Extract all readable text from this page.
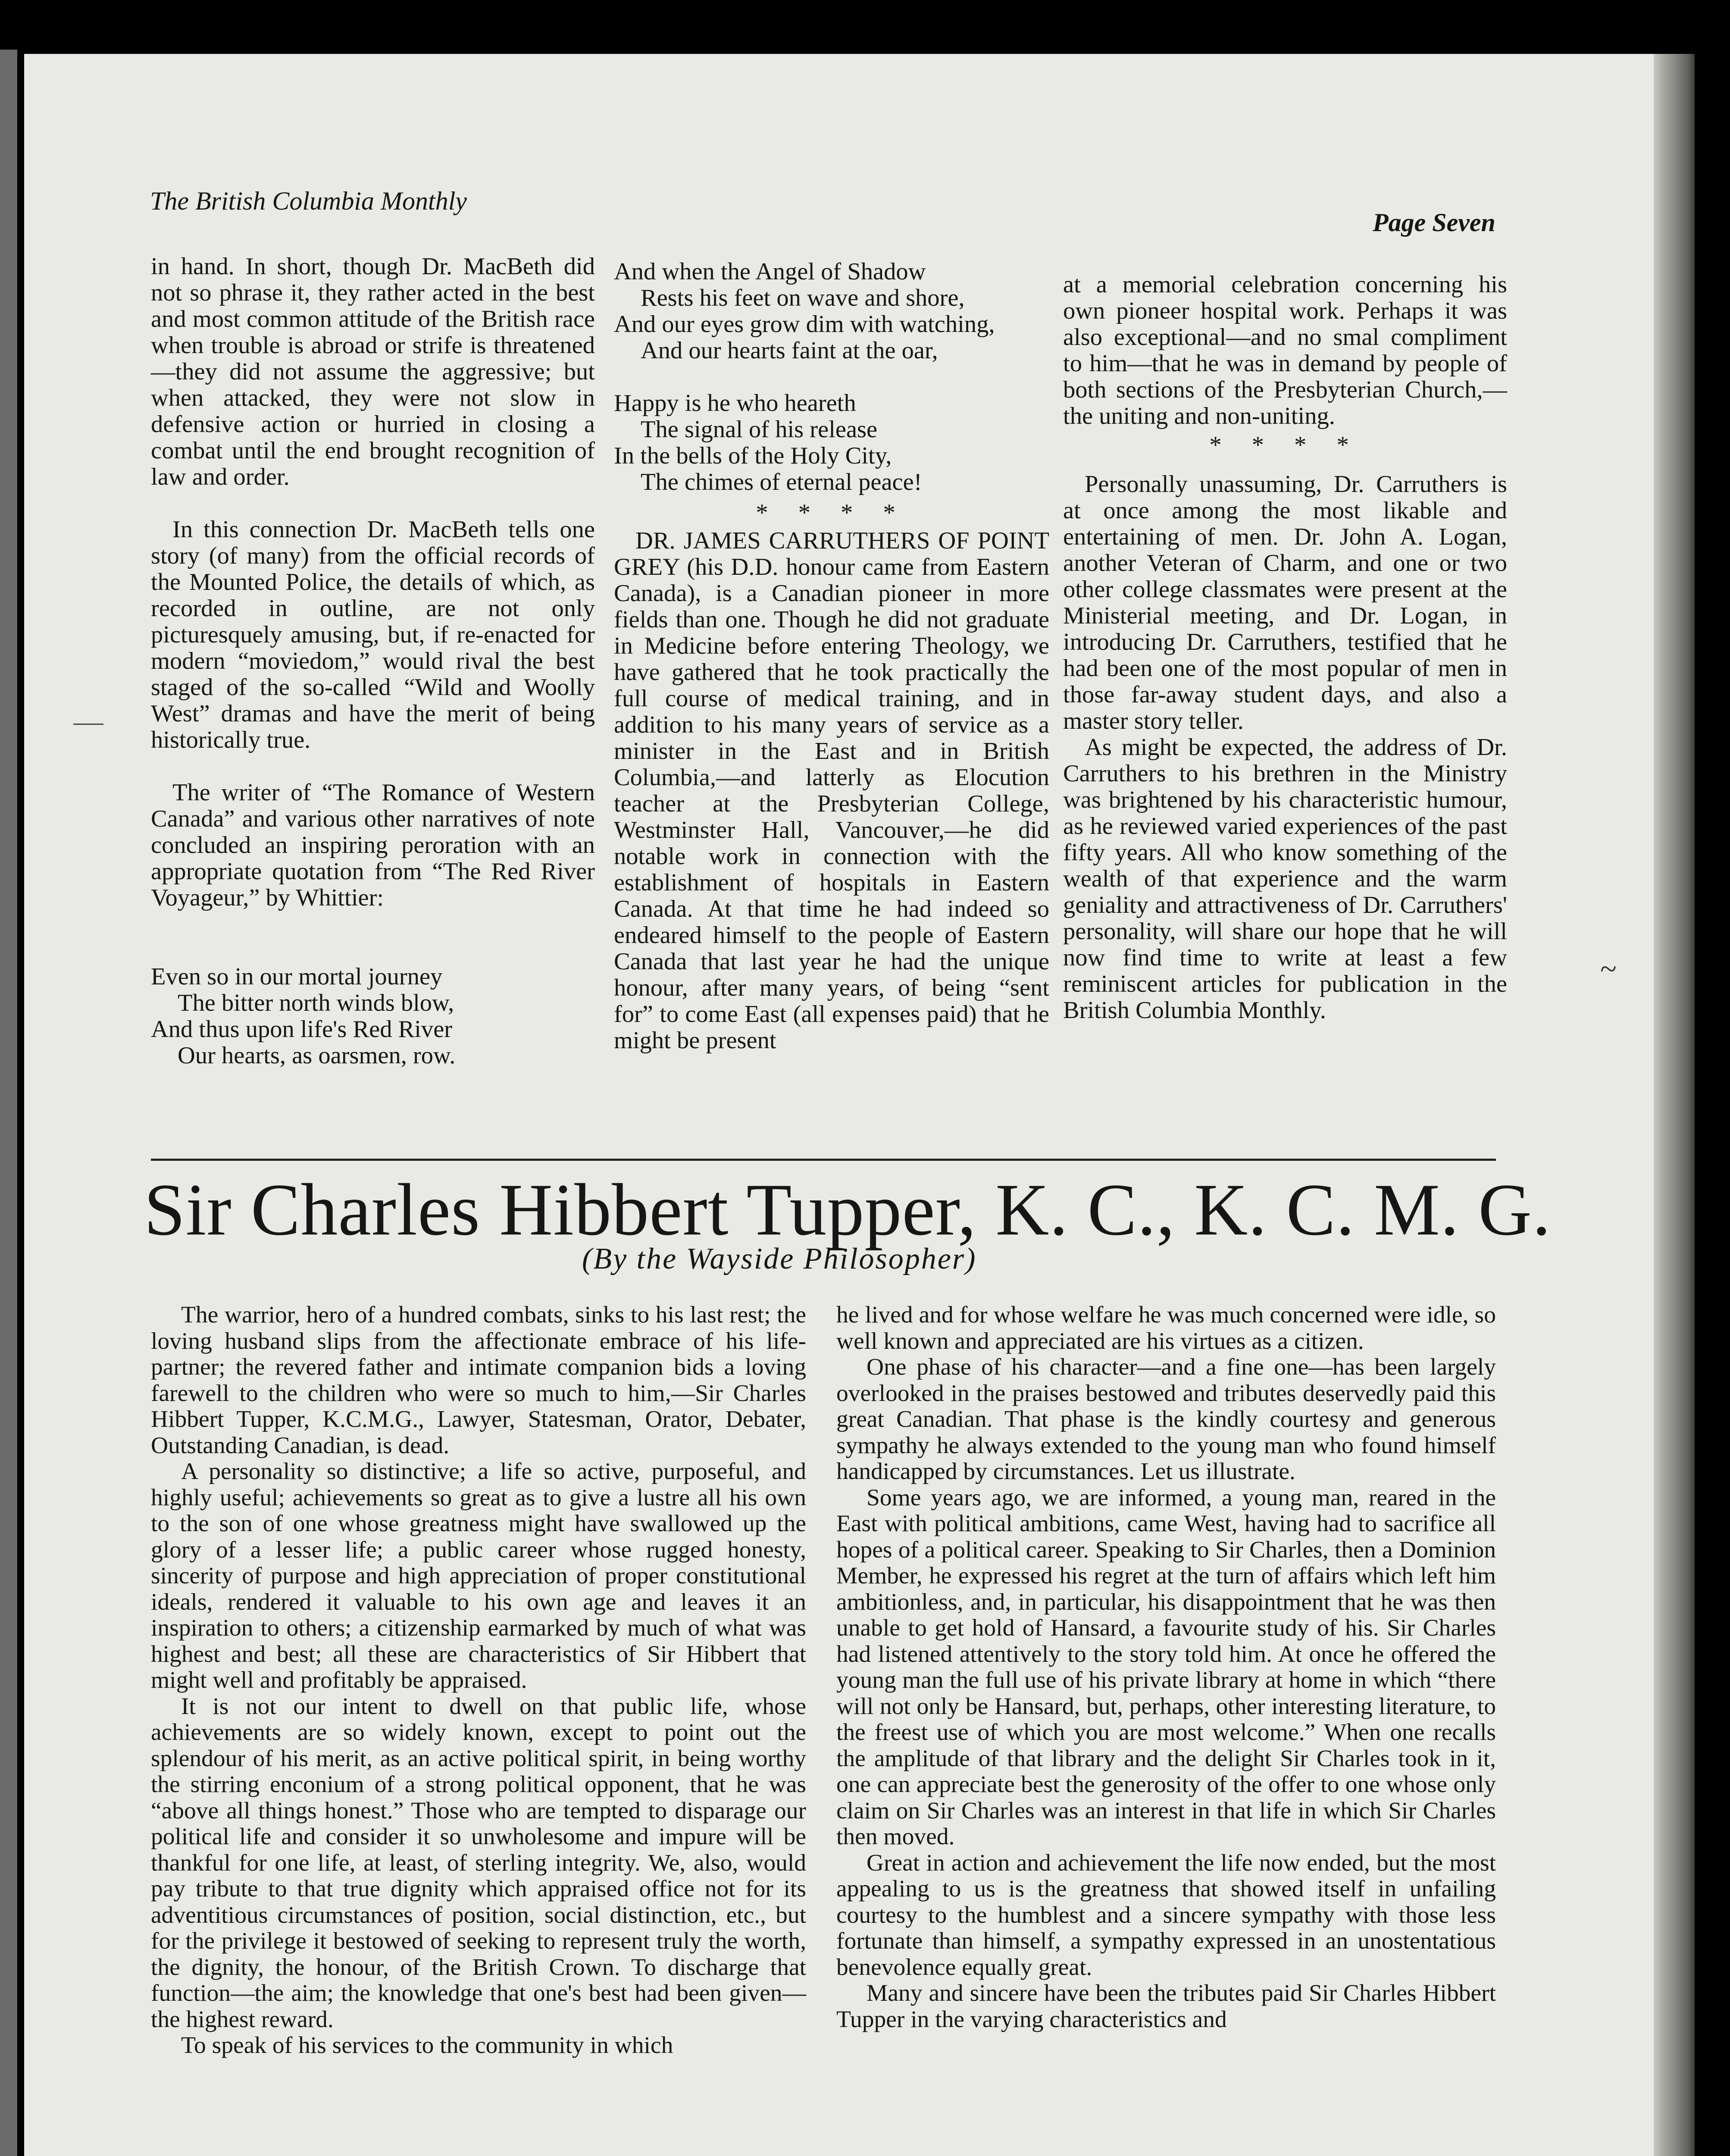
~
The British Columbia Monthly
Page Seven

in hand. In short, though Dr. MacBeth did not so phrase it, they rather acted in the best and most common attitude of the British race when trouble is abroad or strife is threatened—they did not assume the aggressive; but when attacked, they were not slow in defensive action or hurried in closing a combat until the end brought recognition of law and order.

In this connection Dr. MacBeth tells one story (of many) from the official records of the Mounted Police, the details of which, as recorded in outline, are not only picturesquely amusing, but, if re-enacted for modern “moviedom,” would rival the best staged of the so-called “Wild and Woolly West” dramas and have the merit of being historically true.

The writer of “The Romance of Western Canada” and various other narratives of note concluded an inspiring peroration with an appropriate quotation from “The Red River Voyageur,” by Whittier:

Even so in our mortal journey

The bitter north winds blow,

And thus upon life's Red River

Our hearts, as oarsmen, row.

And when the Angel of Shadow

Rests his feet on wave and shore,

And our eyes grow dim with watching,

And our hearts faint at the oar,

Happy is he who heareth

The signal of his release

In the bells of the Holy City,

The chimes of eternal peace!

* * * *

DR. JAMES CARRUTHERS OF POINT GREY (his D.D. honour came from Eastern Canada), is a Canadian pioneer in more fields than one. Though he did not graduate in Medicine before entering Theology, we have gathered that he took practically the full course of medical training, and in addition to his many years of service as a minister in the East and in British Columbia,—and latterly as Elocution teacher at the Presbyterian College, Westminster Hall, Vancouver,—he did notable work in connection with the establishment of hospitals in Eastern Canada. At that time he had indeed so endeared himself to the people of Eastern Canada that last year he had the unique honour, after many years, of being “sent for” to come East (all expenses paid) that he might be present

at a memorial celebration concerning his own pioneer hospital work. Perhaps it was also exceptional—and no smal compliment to him—that he was in demand by people of both sections of the Presbyterian Church,—the uniting and non-uniting.

* * * *

Personally unassuming, Dr. Carruthers is at once among the most likable and entertaining of men. Dr. John A. Logan, another Veteran of Charm, and one or two other college classmates were present at the Ministerial meeting, and Dr. Logan, in introducing Dr. Carruthers, testified that he had been one of the most popular of men in those far-away student days, and also a master story teller.

As might be expected, the address of Dr. Carruthers to his brethren in the Ministry was brightened by his characteristic humour, as he reviewed varied experiences of the past fifty years. All who know something of the wealth of that experience and the warm geniality and attractiveness of Dr. Carruthers' personality, will share our hope that he will now find time to write at least a few reminiscent articles for publication in the British Columbia Monthly.

Sir Charles Hibbert Tupper, K. C., K. C. M. G.
(By the Wayside Philosopher)

The warrior, hero of a hundred combats, sinks to his last rest; the loving husband slips from the affectionate embrace of his life-partner; the revered father and intimate companion bids a loving farewell to the children who were so much to him,—Sir Charles Hibbert Tupper, K.C.M.G., Lawyer, Statesman, Orator, Debater, Outstanding Canadian, is dead.

A personality so distinctive; a life so active, purposeful, and highly useful; achievements so great as to give a lustre all his own to the son of one whose greatness might have swallowed up the glory of a lesser life; a public career whose rugged honesty, sincerity of purpose and high appreciation of proper constitutional ideals, rendered it valuable to his own age and leaves it an inspiration to others; a citizenship earmarked by much of what was highest and best; all these are characteristics of Sir Hibbert that might well and profitably be appraised.

It is not our intent to dwell on that public life, whose achievements are so widely known, except to point out the splendour of his merit, as an active political spirit, in being worthy the stirring enconium of a strong political opponent, that he was “above all things honest.” Those who are tempted to disparage our political life and consider it so unwholesome and impure will be thankful for one life, at least, of sterling integrity. We, also, would pay tribute to that true dignity which appraised office not for its adventitious circumstances of position, social distinction, etc., but for the privilege it bestowed of seeking to represent truly the worth, the dignity, the honour, of the British Crown. To discharge that function—the aim; the knowledge that one's best had been given—the highest reward.

To speak of his services to the community in which

he lived and for whose welfare he was much concerned were idle, so well known and appreciated are his virtues as a citizen.

One phase of his character—and a fine one—has been largely overlooked in the praises bestowed and tributes deservedly paid this great Canadian. That phase is the kindly courtesy and generous sympathy he always extended to the young man who found himself handicapped by circumstances. Let us illustrate.

Some years ago, we are informed, a young man, reared in the East with political ambitions, came West, having had to sacrifice all hopes of a political career. Speaking to Sir Charles, then a Dominion Member, he expressed his regret at the turn of affairs which left him ambitionless, and, in particular, his disappointment that he was then unable to get hold of Hansard, a favourite study of his. Sir Charles had listened attentively to the story told him. At once he offered the young man the full use of his private library at home in which “there will not only be Hansard, but, perhaps, other interesting literature, to the freest use of which you are most welcome.” When one recalls the amplitude of that library and the delight Sir Charles took in it, one can appreciate best the generosity of the offer to one whose only claim on Sir Charles was an interest in that life in which Sir Charles then moved.

Great in action and achievement the life now ended, but the most appealing to us is the greatness that showed itself in unfailing courtesy to the humblest and a sincere sympathy with those less fortunate than himself, a sympathy expressed in an unostentatious benevolence equally great.

Many and sincere have been the tributes paid Sir Charles Hibbert Tupper in the varying characteristics and
